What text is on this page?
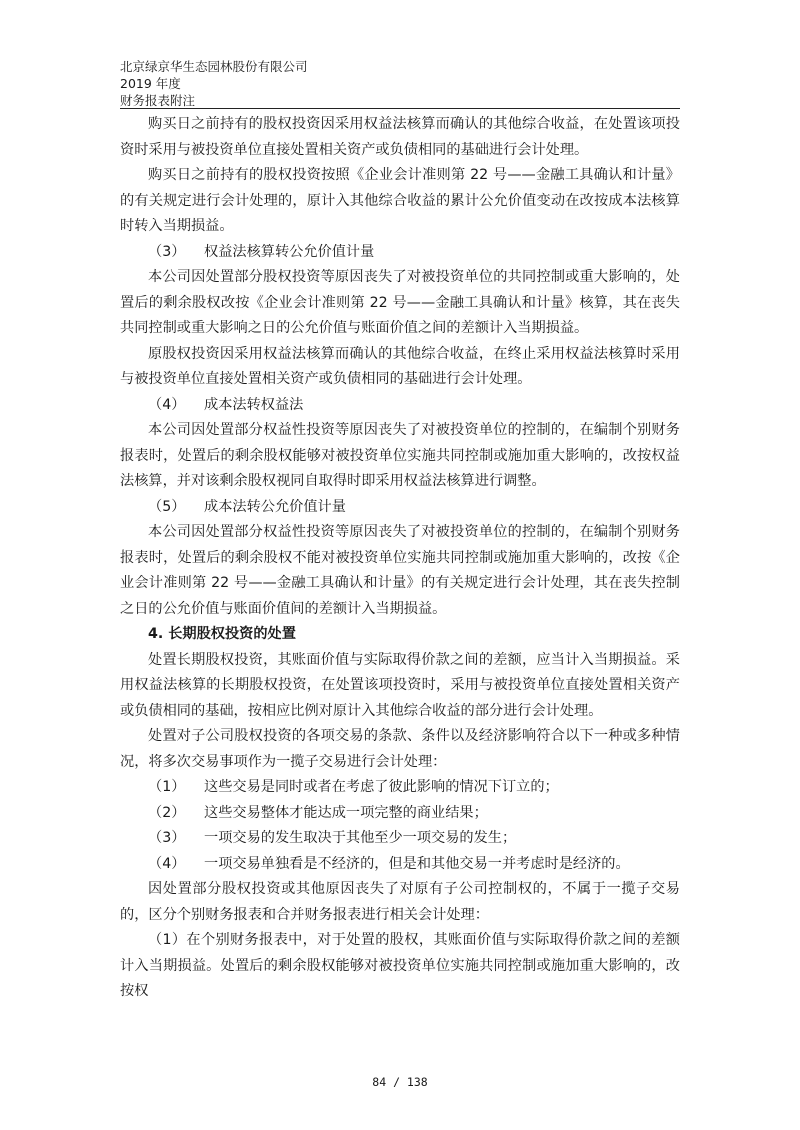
北京绿京华生态园林股份有限公司
2019 年度
财务报表附注

购买日之前持有的股权投资因采用权益法核算而确认的其他综合收益，在处置该项投资时采用与被投资单位直接处置相关资产或负债相同的基础进行会计处理。

购买日之前持有的股权投资按照《企业会计准则第 22 号——金融工具确认和计量》的有关规定进行会计处理的，原计入其他综合收益的累计公允价值变动在改按成本法核算时转入当期损益。

（3） 权益法核算转公允价值计量

本公司因处置部分股权投资等原因丧失了对被投资单位的共同控制或重大影响的，处置后的剩余股权改按《企业会计准则第 22 号——金融工具确认和计量》核算，其在丧失共同控制或重大影响之日的公允价值与账面价值之间的差额计入当期损益。

原股权投资因采用权益法核算而确认的其他综合收益，在终止采用权益法核算时采用与被投资单位直接处置相关资产或负债相同的基础进行会计处理。

（4） 成本法转权益法

本公司因处置部分权益性投资等原因丧失了对被投资单位的控制的，在编制个别财务报表时，处置后的剩余股权能够对被投资单位实施共同控制或施加重大影响的，改按权益法核算，并对该剩余股权视同自取得时即采用权益法核算进行调整。

（5） 成本法转公允价值计量

本公司因处置部分权益性投资等原因丧失了对被投资单位的控制的，在编制个别财务报表时，处置后的剩余股权不能对被投资单位实施共同控制或施加重大影响的，改按《企业会计准则第 22 号——金融工具确认和计量》的有关规定进行会计处理，其在丧失控制之日的公允价值与账面价值间的差额计入当期损益。

4. 长期股权投资的处置

处置长期股权投资，其账面价值与实际取得价款之间的差额，应当计入当期损益。采用权益法核算的长期股权投资，在处置该项投资时，采用与被投资单位直接处置相关资产或负债相同的基础，按相应比例对原计入其他综合收益的部分进行会计处理。

处置对子公司股权投资的各项交易的条款、条件以及经济影响符合以下一种或多种情况，将多次交易事项作为一揽子交易进行会计处理：

（1） 这些交易是同时或者在考虑了彼此影响的情况下订立的；

（2） 这些交易整体才能达成一项完整的商业结果；

（3） 一项交易的发生取决于其他至少一项交易的发生；

（4） 一项交易单独看是不经济的，但是和其他交易一并考虑时是经济的。

因处置部分股权投资或其他原因丧失了对原有子公司控制权的，不属于一揽子交易的，区分个别财务报表和合并财务报表进行相关会计处理：

（1）在个别财务报表中，对于处置的股权，其账面价值与实际取得价款之间的差额计入当期损益。处置后的剩余股权能够对被投资单位实施共同控制或施加重大影响的，改按权

84 / 138
